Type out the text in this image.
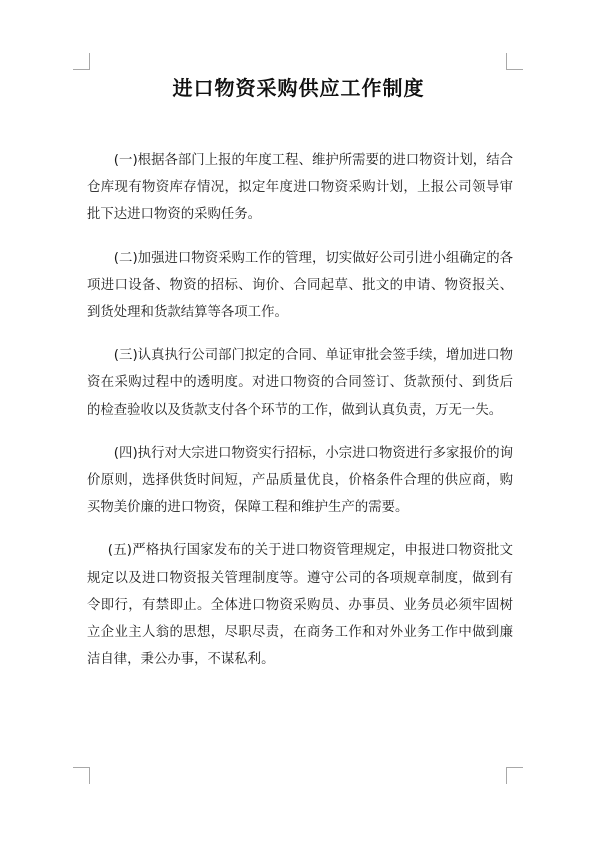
进口物资采购供应工作制度

(一)根据各部门上报的年度工程、维护所需要的进口物资计划，结合仓库现有物资库存情况，拟定年度进口物资采购计划，上报公司领导审批下达进口物资的采购任务。

(二)加强进口物资采购工作的管理，切实做好公司引进小组确定的各项进口设备、物资的招标、询价、合同起草、批文的申请、物资报关、到货处理和货款结算等各项工作。

(三)认真执行公司部门拟定的合同、单证审批会签手续，增加进口物资在采购过程中的透明度。对进口物资的合同签订、货款预付、到货后的检查验收以及货款支付各个环节的工作，做到认真负责，万无一失。

(四)执行对大宗进口物资实行招标，小宗进口物资进行多家报价的询价原则，选择供货时间短，产品质量优良，价格条件合理的供应商，购买物美价廉的进口物资，保障工程和维护生产的需要。

(五)严格执行国家发布的关于进口物资管理规定，申报进口物资批文规定以及进口物资报关管理制度等。遵守公司的各项规章制度，做到有令即行，有禁即止。全体进口物资采购员、办事员、业务员必须牢固树立企业主人翁的思想，尽职尽责，在商务工作和对外业务工作中做到廉洁自律，秉公办事，不谋私利。
